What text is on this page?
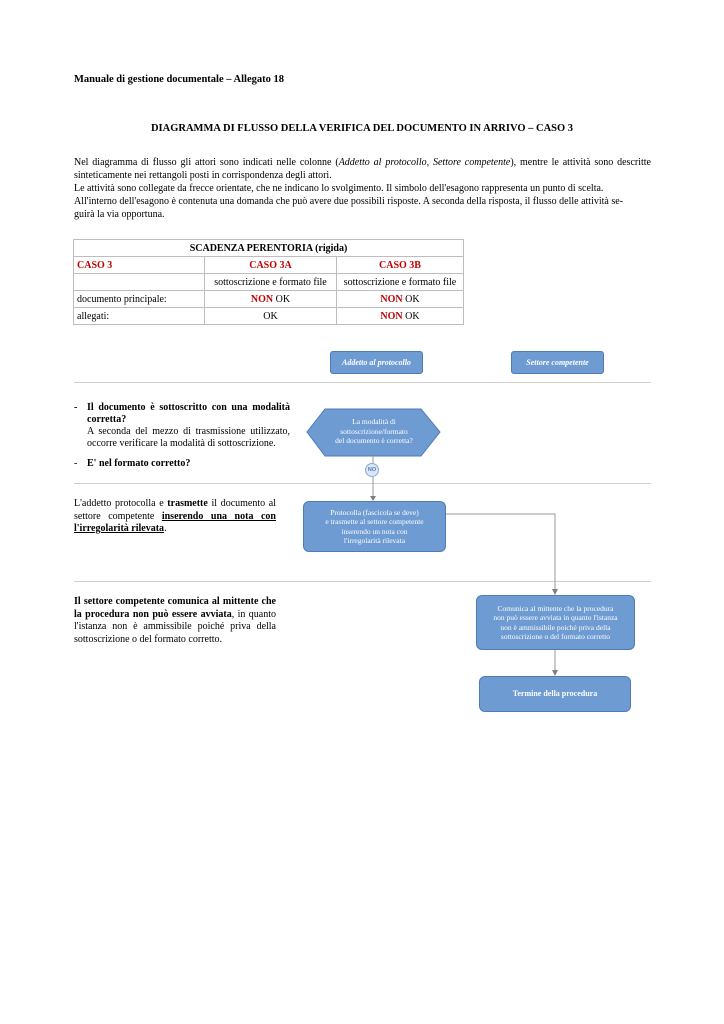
Manuale di gestione documentale – Allegato 18
DIAGRAMMA DI FLUSSO DELLA VERIFICA DEL DOCUMENTO IN ARRIVO – CASO 3

Nel diagramma di flusso gli attori sono indicati nelle colonne (Addetto al protocollo, Settore competente), mentre le attività sono descritte sinteticamente nei rettangoli posti in corrispondenza degli attori.

Le attività sono collegate da frecce orientate, che ne indicano lo svolgimento. Il simbolo dell'esagono rappresenta un punto di scelta.
All'interno dell'esagono è contenuta una domanda che può avere due possibili risposte. A seconda della risposta, il flusso delle attività se-
guirà la via opportuna.

SCADENZA PERENTORIA (rigida)		
CASO 3	CASO 3A	CASO 3B
	sottoscrizione e formato file	sottoscrizione e formato file
documento principale:	NON OK	NON OK
allegati:	OK	NON OK
Addetto al protocollo	Settore competente
La modalità di
sottoscrizione/formato
del documento è corretta?
NO
- Il documento è sottoscritto con una modalità corretta?
A seconda del mezzo di trasmissione utilizzato, occorre verificare la modalità di sottoscrizione.
- E' nel formato corretto?
L'addetto protocolla e trasmette il documento al settore competente inserendo una nota con l'irregolarità rilevata.
Protocolla (fascicola se deve)
e trasmette al settore competente
inserendo un nota con
l'irregolarità rilevata
Il settore competente comunica al mittente che la procedura non può essere avviata, in quanto l'istanza non è ammissibile poiché priva della sottoscrizione o del formato corretto.
Comunica al mittente che la procedura
non può essere avviata in quanto l'istanza
non è ammissibile poiché priva della
sottoscrizione o del formato corretto
Termine della procedura
